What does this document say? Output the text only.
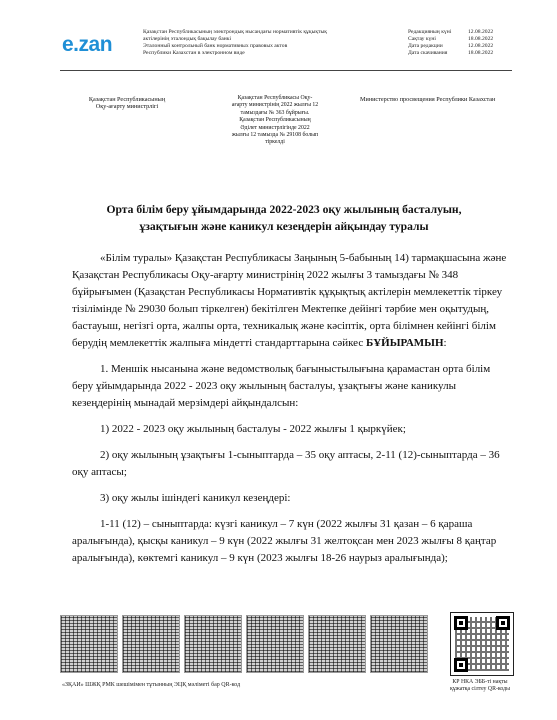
e.zan
Қазақстан Республикасының электрондық нысандағы нормативтік құқықтық
актілерінің эталондық бақылау банкі
Эталонный контрольный банк нормативных правовых актов
Республики Казахстан в электронном виде
Редакцияның күні	12.08.2022
Сақтау күні	18.08.2022
Дата редакции	12.08.2022
Дата скачивания	18.08.2022
Қазақстан Республикасының Оқу-ағарту министрлігі
Қазақстан Республикасы Оқу-
ағарту министрінің 2022 жылғы 12
тамыздағы № 363 бұйрығы.
Қазақстан Республикасының
Әділет министрлігінде 2022
жылғы 12 тамызда № 29108 болып
тіркелді
Министерство просвещения Республики Казахстан
Орта білім беру ұйымдарында 2022-2023 оқу жылының басталуын,
ұзақтығын және каникул кезеңдерін айқындау туралы

«Білім туралы» Қазақстан Республикасы Заңының 5-бабының 14) тармақшасына және Қазақстан Республикасы Оқу-ағарту министрінің 2022 жылғы 3 тамыздағы № 348 бұйрығымен (Қазақстан Республикасы Нормативтік құқықтық актілерін мемлекеттік тіркеу тізілімінде № 29030 болып тіркелген) бекітілген Мектепке дейінгі тәрбие мен оқытудың, бастауыш, негізгі орта, жалпы орта, техникалық және кәсіптік, орта білімнен кейінгі білім берудің мемлекеттік жалпыға міндетті стандарттарына сәйкес БҰЙЫРАМЫН:

1. Меншік нысанына және ведомстволық бағыныстылығына қарамастан орта білім беру ұйымдарында 2022 - 2023 оқу жылының басталуы, ұзақтығы және каникулы кезеңдерінің мынадай мерзімдері айқындалсын:

1) 2022 - 2023 оқу жылының басталуы - 2022 жылғы 1 қыркүйек;

2) оқу жылының ұзақтығы 1-сыныптарда – 35 оқу аптасы, 2-11 (12)-сыныптарда – 36 оқу аптасы;

3) оқу жылы ішіндегі каникул кезеңдері:

1-11 (12) – сыныптарда: күзгі каникул – 7 күн (2022 жылғы 31 қазан – 6 қараша аралығында), қысқы каникул – 9 күн (2022 жылғы 31 желтоқсан мен 2023 жылғы 8 қаңтар аралығында), көктемгі каникул – 9 күн (2023 жылғы 18-26 наурыз аралығында);

«ЗҚАИ» ШЖҚ РМК шешімімен тұтынның ЭЦҚ мәліметі бар QR-код	КР НКА ЭББ-ті нақты
құжатқа сілтеу QR-коды
